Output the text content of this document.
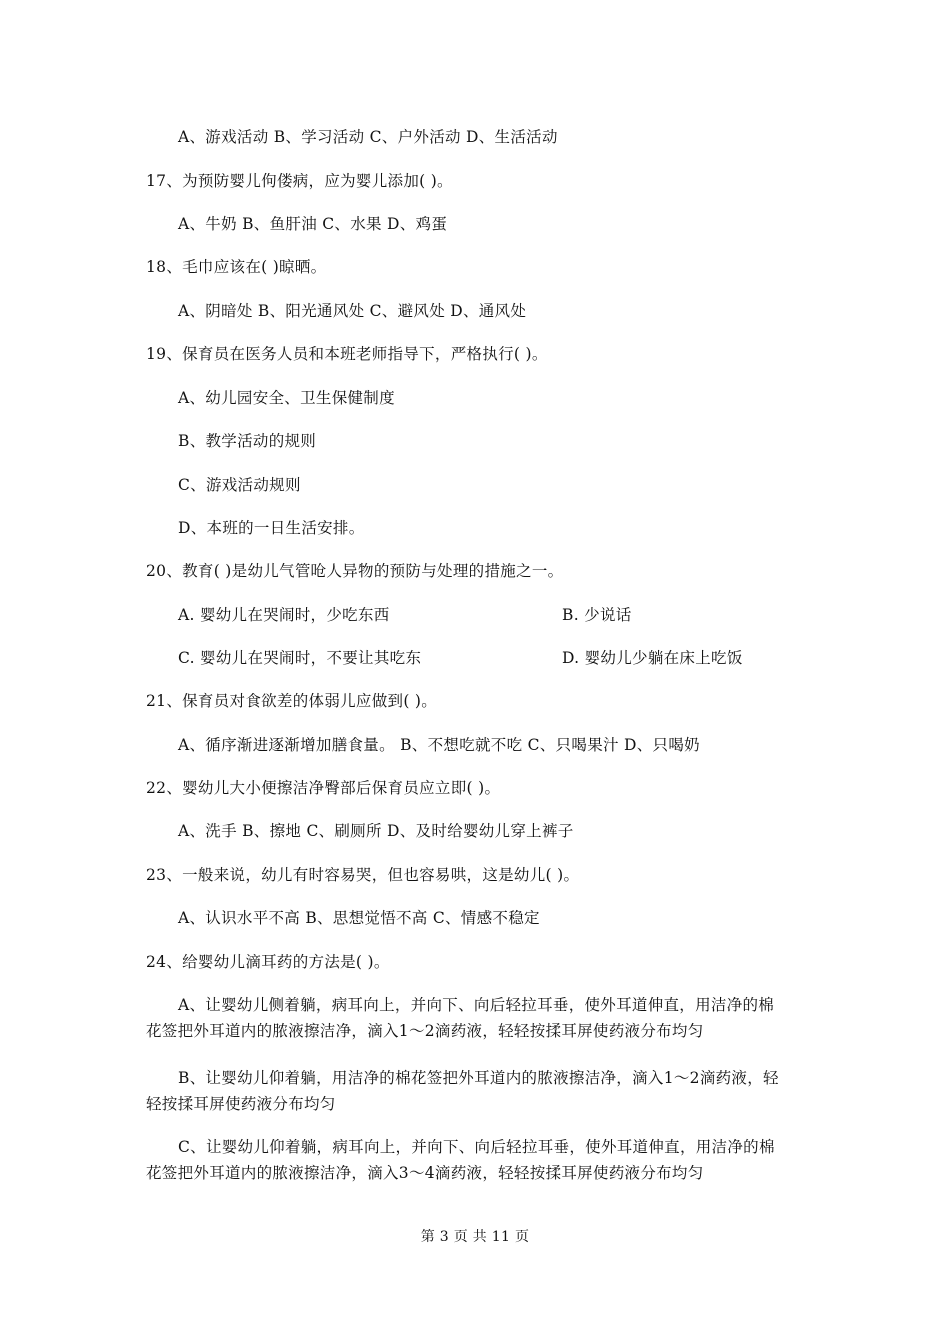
A、游戏活动 B、学习活动 C、户外活动 D、生活活动
17、为预防婴儿佝偻病，应为婴儿添加( )。
A、牛奶 B、鱼肝油 C、水果 D、鸡蛋
18、毛巾应该在( )晾晒。
A、阴暗处 B、阳光通风处 C、避风处 D、通风处
19、保育员在医务人员和本班老师指导下，严格执行( )。
A、幼儿园安全、卫生保健制度
B、教学活动的规则
C、游戏活动规则
D、本班的一日生活安排。
20、教育( )是幼儿气管呛人异物的预防与处理的措施之一。
A. 婴幼儿在哭闹时，少吃东西	B. 少说话
C. 婴幼儿在哭闹时，不要让其吃东	D. 婴幼儿少躺在床上吃饭
21、保育员对食欲差的体弱儿应做到( )。
A、循序渐进逐渐增加膳食量。 B、不想吃就不吃 C、只喝果汁 D、只喝奶
22、婴幼儿大小便擦洁净臀部后保育员应立即( )。
A、洗手 B、擦地 C、刷厕所 D、及时给婴幼儿穿上裤子
23、一般来说，幼儿有时容易哭，但也容易哄，这是幼儿( )。
A、认识水平不高 B、思想觉悟不高 C、情感不稳定
24、给婴幼儿滴耳药的方法是( )。
A、让婴幼儿侧着躺，病耳向上，并向下、向后轻拉耳垂，使外耳道伸直，用洁净的棉
花签把外耳道内的脓液擦洁净，滴入1～2滴药液，轻轻按揉耳屏使药液分布均匀
B、让婴幼儿仰着躺，用洁净的棉花签把外耳道内的脓液擦洁净，滴入1～2滴药液，轻
轻按揉耳屏使药液分布均匀
C、让婴幼儿仰着躺，病耳向上，并向下、向后轻拉耳垂，使外耳道伸直，用洁净的棉
花签把外耳道内的脓液擦洁净，滴入3～4滴药液，轻轻按揉耳屏使药液分布均匀
第 3 页 共 11 页
